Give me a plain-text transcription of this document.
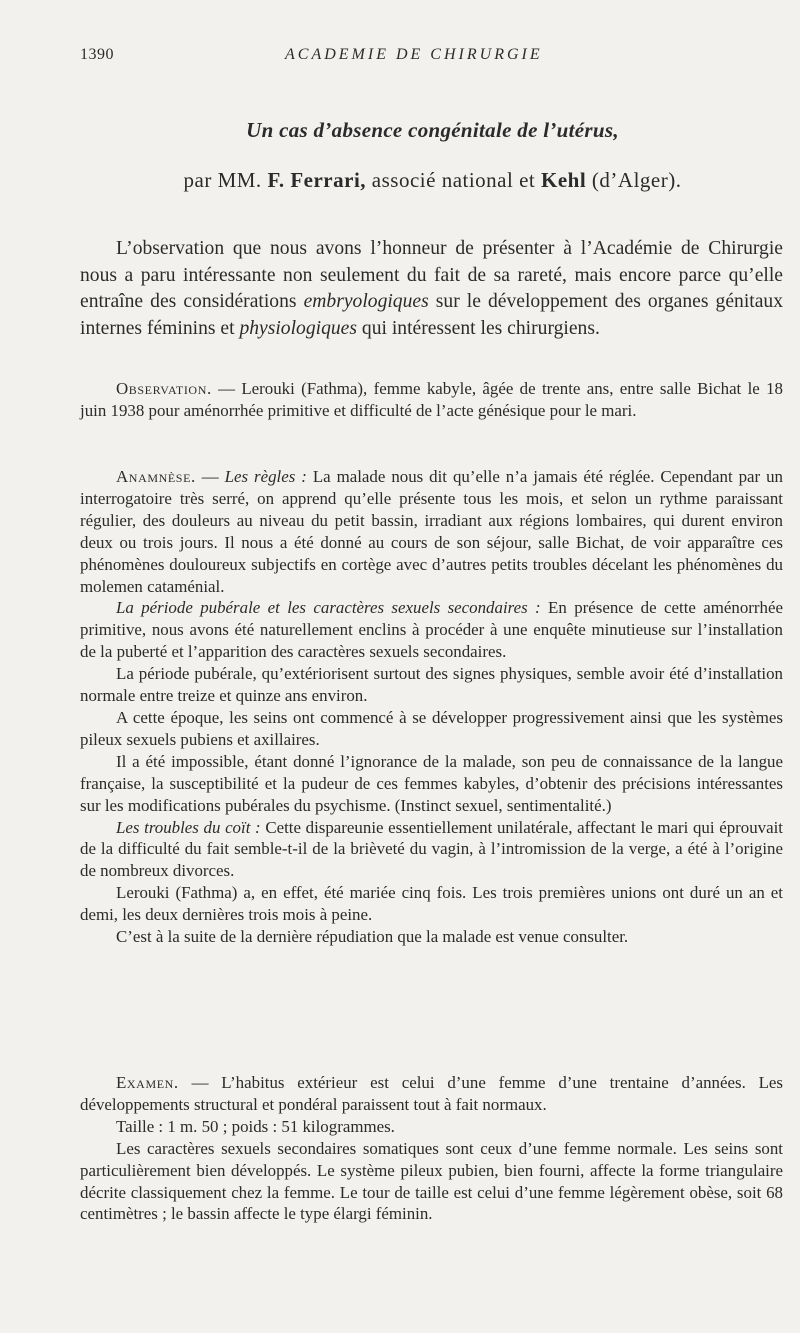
1390	ACADEMIE DE CHIRURGIE
Un cas d’absence congénitale de l’utérus,
par MM. F. Ferrari, associé national et Kehl (d’Alger).

L’observation que nous avons l’honneur de présenter à l’Académie de Chirurgie nous a paru intéressante non seulement du fait de sa rareté, mais encore parce qu’elle entraîne des considérations embryologiques sur le développement des organes génitaux internes féminins et physiologiques qui intéressent les chirurgiens.

Observation. — Lerouki (Fathma), femme kabyle, âgée de trente ans, entre salle Bichat le 18 juin 1938 pour aménorrhée primitive et difficulté de l’acte génésique pour le mari.

Anamnèse. — Les règles : La malade nous dit qu’elle n’a jamais été réglée. Cependant par un interrogatoire très serré, on apprend qu’elle présente tous les mois, et selon un rythme paraissant régulier, des douleurs au niveau du petit bassin, irradiant aux régions lombaires, qui durent environ deux ou trois jours. Il nous a été donné au cours de son séjour, salle Bichat, de voir apparaître ces phénomènes douloureux subjectifs en cortège avec d’autres petits troubles décelant les phénomènes du molemen cataménial.

La période pubérale et les caractères sexuels secondaires : En présence de cette aménorrhée primitive, nous avons été naturellement enclins à procéder à une enquête minutieuse sur l’installation de la puberté et l’apparition des caractères sexuels secondaires.

La période pubérale, qu’extériorisent surtout des signes physiques, semble avoir été d’installation normale entre treize et quinze ans environ.

A cette époque, les seins ont commencé à se développer progressivement ainsi que les systèmes pileux sexuels pubiens et axillaires.

Il a été impossible, étant donné l’ignorance de la malade, son peu de connaissance de la langue française, la susceptibilité et la pudeur de ces femmes kabyles, d’obtenir des précisions intéressantes sur les modifications pubérales du psychisme. (Instinct sexuel, sentimentalité.)

Les troubles du coït : Cette dispareunie essentiellement unilatérale, affectant le mari qui éprouvait de la difficulté du fait semble-t-il de la brièveté du vagin, à l’intromission de la verge, a été à l’origine de nombreux divorces.

Lerouki (Fathma) a, en effet, été mariée cinq fois. Les trois premières unions ont duré un an et demi, les deux dernières trois mois à peine.

C’est à la suite de la dernière répudiation que la malade est venue consulter.

Examen. — L’habitus extérieur est celui d’une femme d’une trentaine d’années. Les développements structural et pondéral paraissent tout à fait normaux.

Taille : 1 m. 50 ; poids : 51 kilogrammes.

Les caractères sexuels secondaires somatiques sont ceux d’une femme normale. Les seins sont particulièrement bien développés. Le système pileux pubien, bien fourni, affecte la forme triangulaire décrite classiquement chez la femme. Le tour de taille est celui d’une femme légèrement obèse, soit 68 centimètres ; le bassin affecte le type élargi féminin.
